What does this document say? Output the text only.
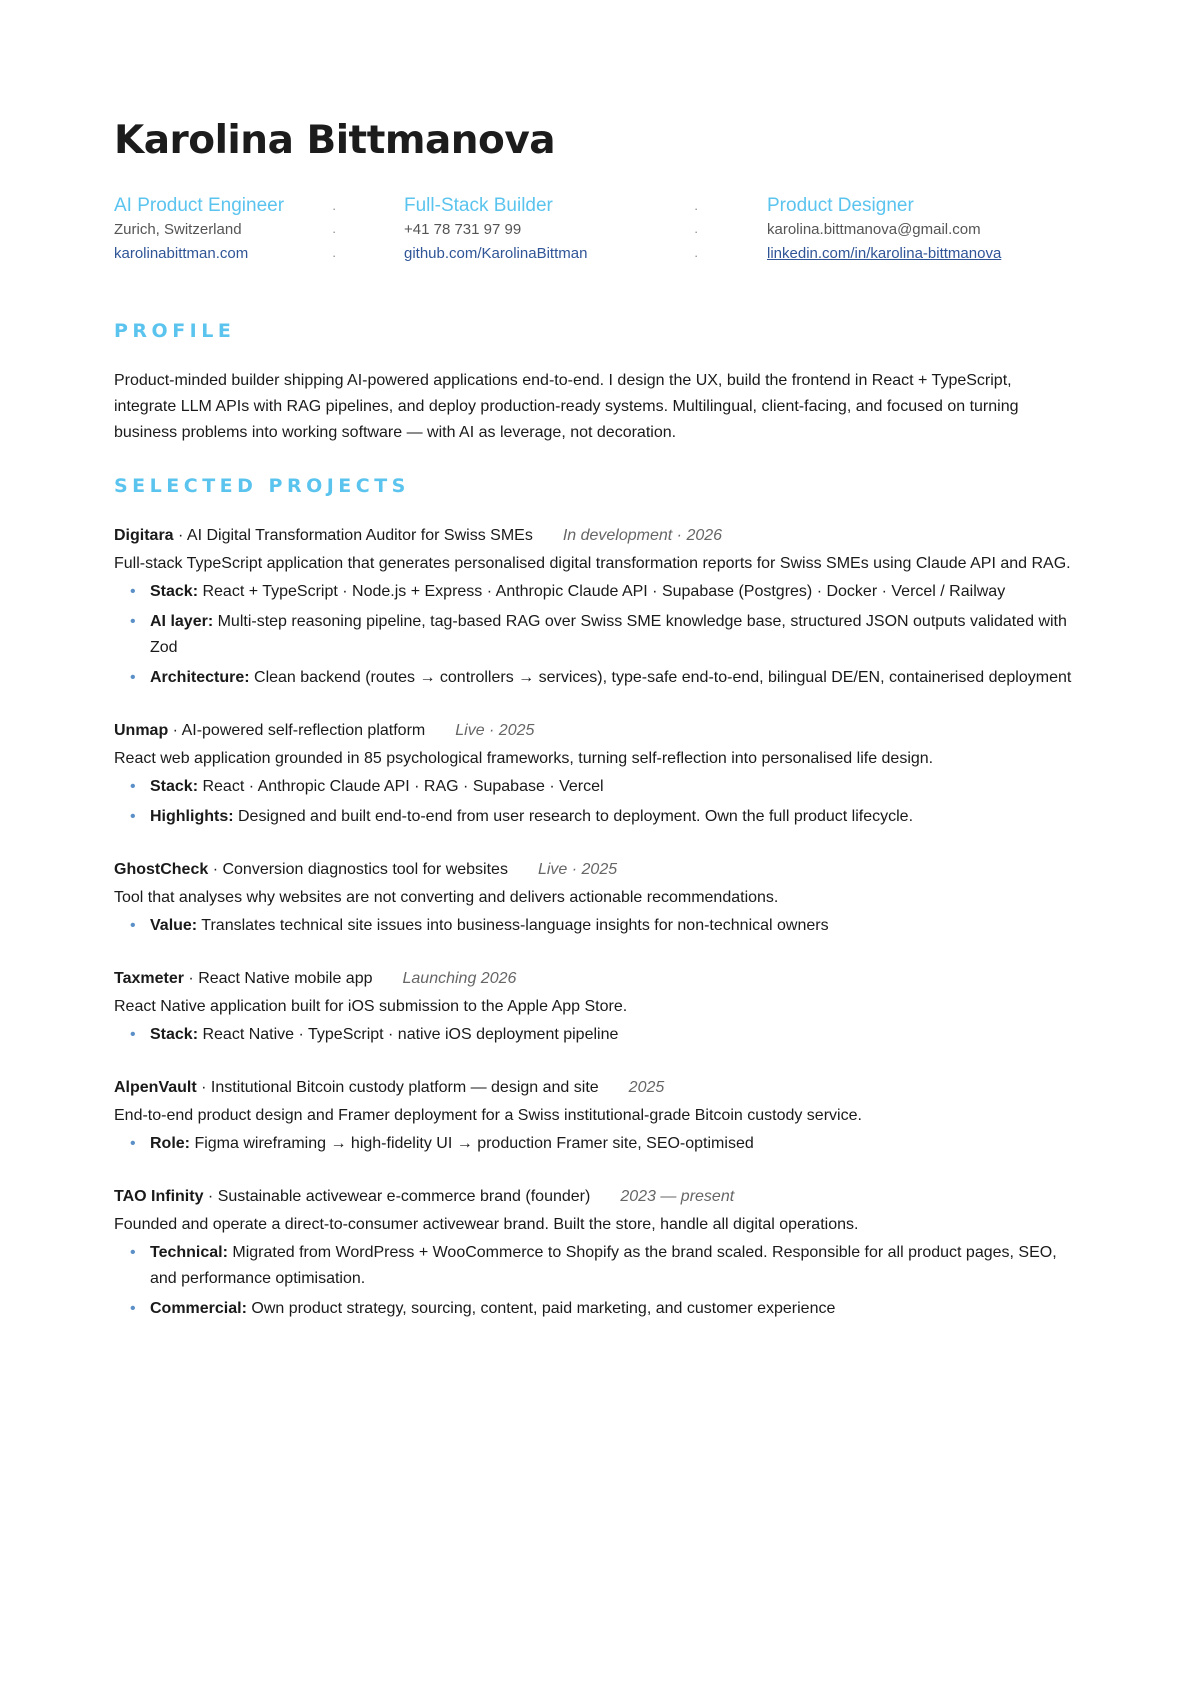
Karolina Bittmanova
AI Product Engineer	·	Full-Stack Builder	·	Product Designer
Zurich, Switzerland	·	+41 78 731 97 99	·	karolina.bittmanova@gmail.com
karolinabittman.com	·	github.com/KarolinaBittman	·	linkedin.com/in/karolina-bittmanova
PROFILE

Product-minded builder shipping AI-powered applications end-to-end. I design the UX, build the frontend in React + TypeScript, integrate LLM APIs with RAG pipelines, and deploy production-ready systems. Multilingual, client-facing, and focused on turning business problems into working software — with AI as leverage, not decoration.

SELECTED PROJECTS
Digitara · AI Digital Transformation Auditor for Swiss SMEs In development · 2026
Full-stack TypeScript application that generates personalised digital transformation reports for Swiss SMEs using Claude API and RAG.
• Stack: React + TypeScript · Node.js + Express · Anthropic Claude API · Supabase (Postgres) · Docker · Vercel / Railway
• AI layer: Multi-step reasoning pipeline, tag-based RAG over Swiss SME knowledge base, structured JSON outputs validated with Zod
• Architecture: Clean backend (routes → controllers → services), type-safe end-to-end, bilingual DE/EN, containerised deployment
Unmap · AI-powered self-reflection platform Live · 2025
React web application grounded in 85 psychological frameworks, turning self-reflection into personalised life design.
• Stack: React · Anthropic Claude API · RAG · Supabase · Vercel
• Highlights: Designed and built end-to-end from user research to deployment. Own the full product lifecycle.
GhostCheck · Conversion diagnostics tool for websites Live · 2025
Tool that analyses why websites are not converting and delivers actionable recommendations.
• Value: Translates technical site issues into business-language insights for non-technical owners
Taxmeter · React Native mobile app Launching 2026
React Native application built for iOS submission to the Apple App Store.
• Stack: React Native · TypeScript · native iOS deployment pipeline
AlpenVault · Institutional Bitcoin custody platform — design and site 2025
End-to-end product design and Framer deployment for a Swiss institutional-grade Bitcoin custody service.
• Role: Figma wireframing → high-fidelity UI → production Framer site, SEO-optimised
TAO Infinity · Sustainable activewear e-commerce brand (founder) 2023 — present
Founded and operate a direct-to-consumer activewear brand. Built the store, handle all digital operations.
• Technical: Migrated from WordPress + WooCommerce to Shopify as the brand scaled. Responsible for all product pages, SEO, and performance optimisation.
• Commercial: Own product strategy, sourcing, content, paid marketing, and customer experience
